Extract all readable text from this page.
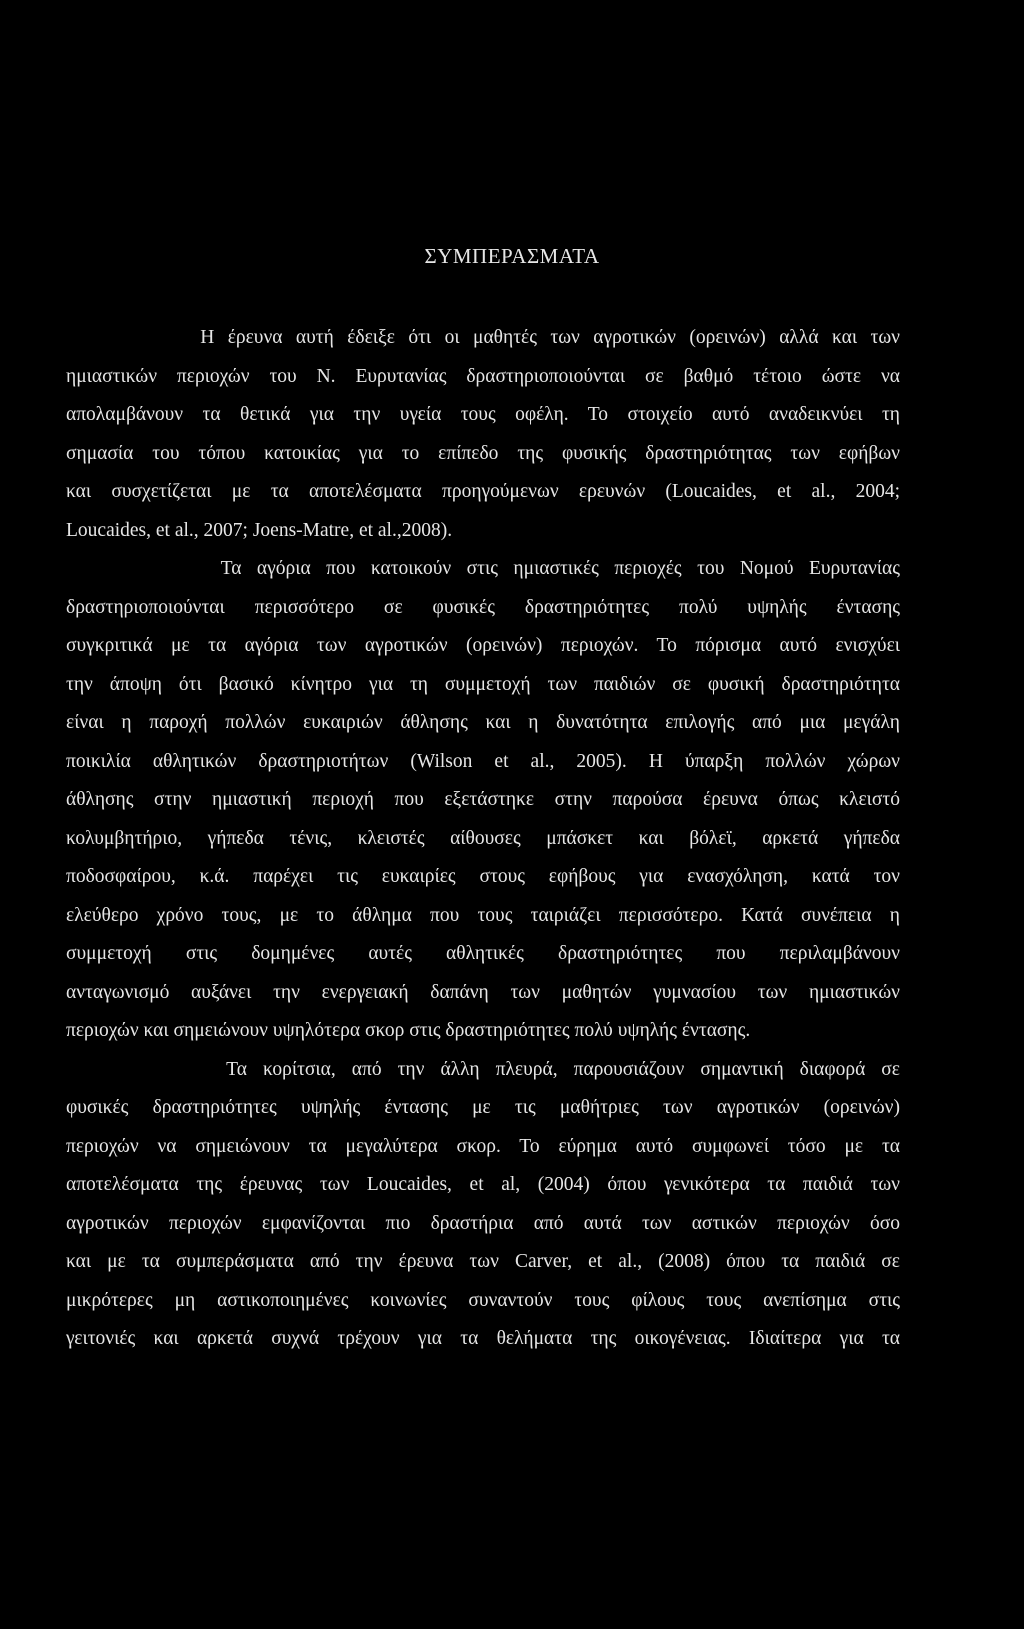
ΣΥΜΠΕΡΑΣΜΑΤΑ
Η έρευνα αυτή έδειξε ότι οι μαθητές των αγροτικών (ορεινών) αλλά και των
ημιαστικών περιοχών του Ν. Ευρυτανίας δραστηριοποιούνται σε βαθμό τέτοιο ώστε να
απολαμβάνουν τα θετικά για την υγεία τους οφέλη. Το στοιχείο αυτό αναδεικνύει τη
σημασία του τόπου κατοικίας για το επίπεδο της φυσικής δραστηριότητας των εφήβων
και συσχετίζεται με τα αποτελέσματα προηγούμενων ερευνών (Loucaides, et al., 2004;
Loucaides, et al., 2007; Joens-Matre, et al.,2008).
Τα αγόρια που κατοικούν στις ημιαστικές περιοχές του Νομού Ευρυτανίας
δραστηριοποιούνται περισσότερο σε φυσικές δραστηριότητες πολύ υψηλής έντασης
συγκριτικά με τα αγόρια των αγροτικών (ορεινών) περιοχών. Το πόρισμα αυτό ενισχύει
την άποψη ότι βασικό κίνητρο για τη συμμετοχή των παιδιών σε φυσική δραστηριότητα
είναι η παροχή πολλών ευκαιριών άθλησης και η δυνατότητα επιλογής από μια μεγάλη
ποικιλία αθλητικών δραστηριοτήτων (Wilson et al., 2005). Η ύπαρξη πολλών χώρων
άθλησης στην ημιαστική περιοχή που εξετάστηκε στην παρούσα έρευνα όπως κλειστό
κολυμβητήριο, γήπεδα τένις, κλειστές αίθουσες μπάσκετ και βόλεϊ, αρκετά γήπεδα
ποδοσφαίρου, κ.ά. παρέχει τις ευκαιρίες στους εφήβους για ενασχόληση, κατά τον
ελεύθερο χρόνο τους, με το άθλημα που τους ταιριάζει περισσότερο. Κατά συνέπεια η
συμμετοχή στις δομημένες αυτές αθλητικές δραστηριότητες που περιλαμβάνουν
ανταγωνισμό αυξάνει την ενεργειακή δαπάνη των μαθητών γυμνασίου των ημιαστικών
περιοχών και σημειώνουν υψηλότερα σκορ στις δραστηριότητες πολύ υψηλής έντασης.
Τα κορίτσια, από την άλλη πλευρά, παρουσιάζουν σημαντική διαφορά σε
φυσικές δραστηριότητες υψηλής έντασης με τις μαθήτριες των αγροτικών (ορεινών)
περιοχών να σημειώνουν τα μεγαλύτερα σκορ. Το εύρημα αυτό συμφωνεί τόσο με τα
αποτελέσματα της έρευνας των Loucaides, et al, (2004) όπου γενικότερα τα παιδιά των
αγροτικών περιοχών εμφανίζονται πιο δραστήρια από αυτά των αστικών περιοχών όσο
και με τα συμπεράσματα από την έρευνα των Carver, et al., (2008) όπου τα παιδιά σε
μικρότερες μη αστικοποιημένες κοινωνίες συναντούν τους φίλους τους ανεπίσημα στις
γειτονιές και αρκετά συχνά τρέχουν για τα θελήματα της οικογένειας. Ιδιαίτερα για τα
